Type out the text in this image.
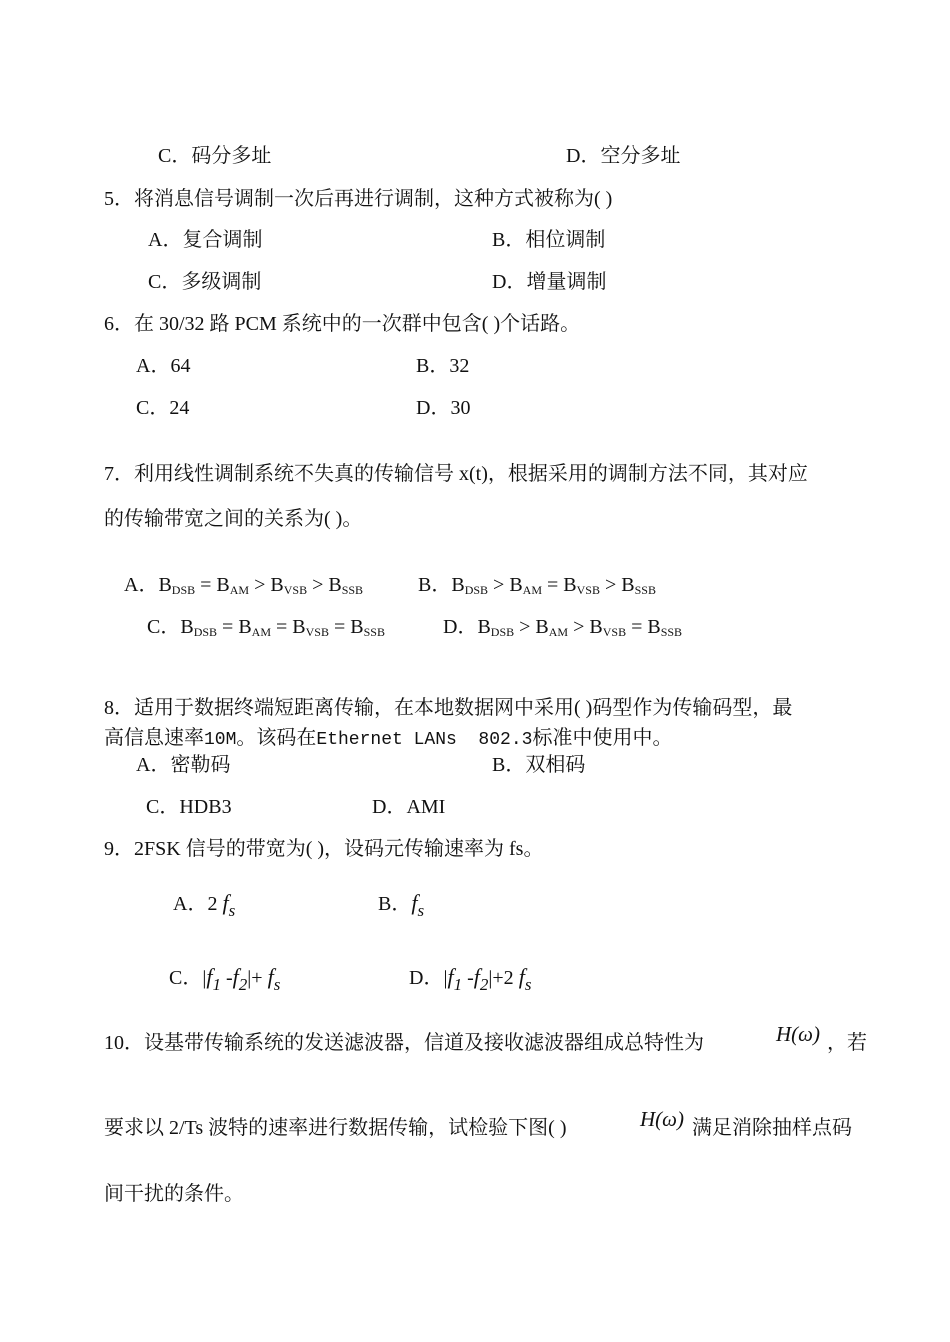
C．码分多址	D．空分多址
5．将消息信号调制一次后再进行调制，这种方式被称为( )
A．复合调制	B．相位调制
C．多级调制	D．增量调制
6．在 30/32 路 PCM 系统中的一次群中包含( )个话路。
A．64	B．32
C．24	D．30
7．利用线性调制系统不失真的传输信号 x(t)，根据采用的调制方法不同，其对应
的传输带宽之间的关系为( )。
A．$B_{DSB} = B_{AM} > B_{VSB} > B_{SSB}$	B．$B_{DSB} > B_{AM} = B_{VSB} > B_{SSB}$
C．$B_{DSB} = B_{AM} = B_{VSB} = B_{SSB}$	D．$B_{DSB} > B_{AM} > B_{VSB} = B_{SSB}$
8．适用于数据终端短距离传输，在本地数据网中采用( )码型作为传输码型，最
高信息速率10M。该码在Ethernet LANs  802.3标准中使用中。
A．密勒码	B．双相码
C．HDB3	D．AMI
9．2FSK 信号的带宽为( )，设码元传输速率为 fs。
A．2 $f_s$	B．$f_s$
C．$|f_1$ $-f_2|+ f_s$	D．$|f_1$ $-f_2|+2$ $f_s$
10．设基带传输系统的发送滤波器，信道及接收滤波器组成总特性为	H(ω) ，若
要求以 2/Ts 波特的速率进行数据传输，试检验下图( )	H(ω) 满足消除抽样点码
间干扰的条件。
